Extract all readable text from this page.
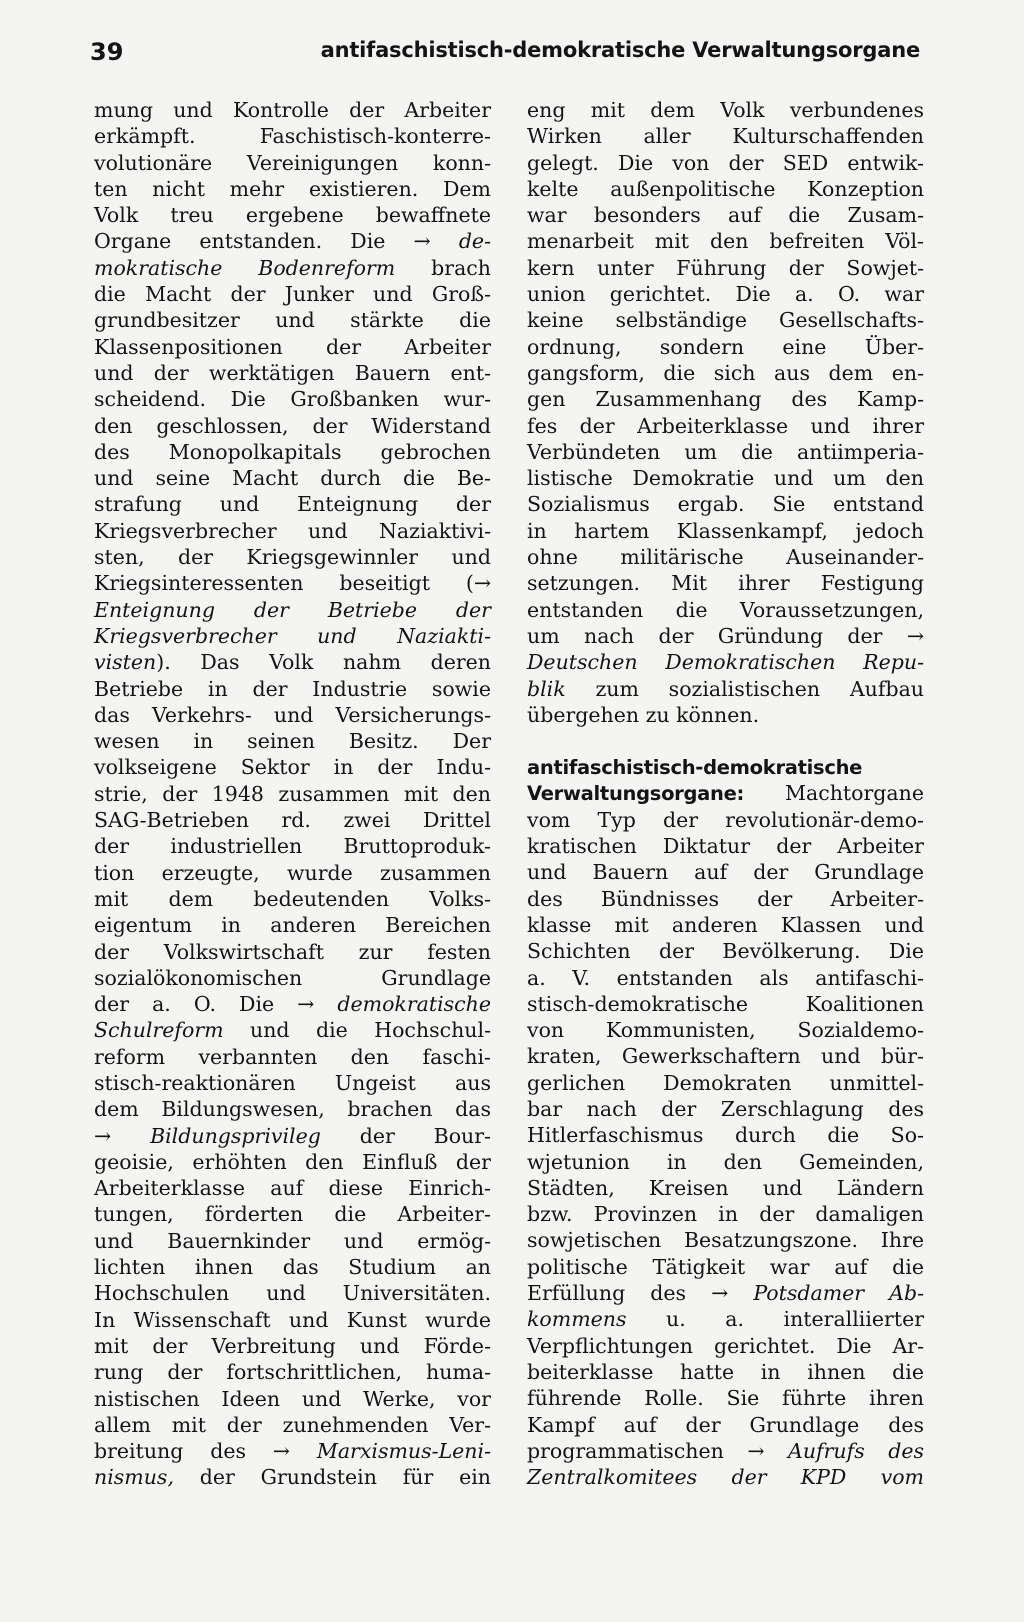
39	antifaschistisch-demokratische Verwaltungsorgane
mung und Kontrolle der Arbeiter
erkämpft. Faschistisch-konterre-
volutionäre Vereinigungen konn-
ten nicht mehr existieren. Dem
Volk treu ergebene bewaffnete
Organe entstanden. Die → de-
mokratische Bodenreform brach
die Macht der Junker und Groß-
grundbesitzer und stärkte die
Klassenpositionen der Arbeiter
und der werktätigen Bauern ent-
scheidend. Die Großbanken wur-
den geschlossen, der Widerstand
des Monopolkapitals gebrochen
und seine Macht durch die Be-
strafung und Enteignung der
Kriegsverbrecher und Naziaktivi-
sten, der Kriegsgewinnler und
Kriegsinteressenten beseitigt (→
Enteignung der Betriebe der
Kriegsverbrecher und Naziakti-
visten). Das Volk nahm deren
Betriebe in der Industrie sowie
das Verkehrs- und Versicherungs-
wesen in seinen Besitz. Der
volkseigene Sektor in der Indu-
strie, der 1948 zusammen mit den
SAG-Betrieben rd. zwei Drittel
der industriellen Bruttoproduk-
tion erzeugte, wurde zusammen
mit dem bedeutenden Volks-
eigentum in anderen Bereichen
der Volkswirtschaft zur festen
sozialökonomischen Grundlage
der a. O. Die → demokratische
Schulreform und die Hochschul-
reform verbannten den faschi-
stisch-reaktionären Ungeist aus
dem Bildungswesen, brachen das
→ Bildungsprivileg der Bour-
geoisie, erhöhten den Einfluß der
Arbeiterklasse auf diese Einrich-
tungen, förderten die Arbeiter-
und Bauernkinder und ermög-
lichten ihnen das Studium an
Hochschulen und Universitäten.
In Wissenschaft und Kunst wurde
mit der Verbreitung und Förde-
rung der fortschrittlichen, huma-
nistischen Ideen und Werke, vor
allem mit der zunehmenden Ver-
breitung des → Marxismus-Leni-
nismus, der Grundstein für ein
eng mit dem Volk verbundenes
Wirken aller Kulturschaffenden
gelegt. Die von der SED entwik-
kelte außenpolitische Konzeption
war besonders auf die Zusam-
menarbeit mit den befreiten Völ-
kern unter Führung der Sowjet-
union gerichtet. Die a. O. war
keine selbständige Gesellschafts-
ordnung, sondern eine Über-
gangsform, die sich aus dem en-
gen Zusammenhang des Kamp-
fes der Arbeiterklasse und ihrer
Verbündeten um die antiimperia-
listische Demokratie und um den
Sozialismus ergab. Sie entstand
in hartem Klassenkampf, jedoch
ohne militärische Auseinander-
setzungen. Mit ihrer Festigung
entstanden die Voraussetzungen,
um nach der Gründung der →
Deutschen Demokratischen Repu-
blik zum sozialistischen Aufbau
übergehen zu können.
antifaschistisch-demokratische
Verwaltungsorgane: Machtorgane
vom Typ der revolutionär-demo-
kratischen Diktatur der Arbeiter
und Bauern auf der Grundlage
des Bündnisses der Arbeiter-
klasse mit anderen Klassen und
Schichten der Bevölkerung. Die
a. V. entstanden als antifaschi-
stisch-demokratische Koalitionen
von Kommunisten, Sozialdemo-
kraten, Gewerkschaftern und bür-
gerlichen Demokraten unmittel-
bar nach der Zerschlagung des
Hitlerfaschismus durch die So-
wjetunion in den Gemeinden,
Städten, Kreisen und Ländern
bzw. Provinzen in der damaligen
sowjetischen Besatzungszone. Ihre
politische Tätigkeit war auf die
Erfüllung des → Potsdamer Ab-
kommens u. a. interalliierter
Verpflichtungen gerichtet. Die Ar-
beiterklasse hatte in ihnen die
führende Rolle. Sie führte ihren
Kampf auf der Grundlage des
programmatischen → Aufrufs des
Zentralkomitees der KPD vom
